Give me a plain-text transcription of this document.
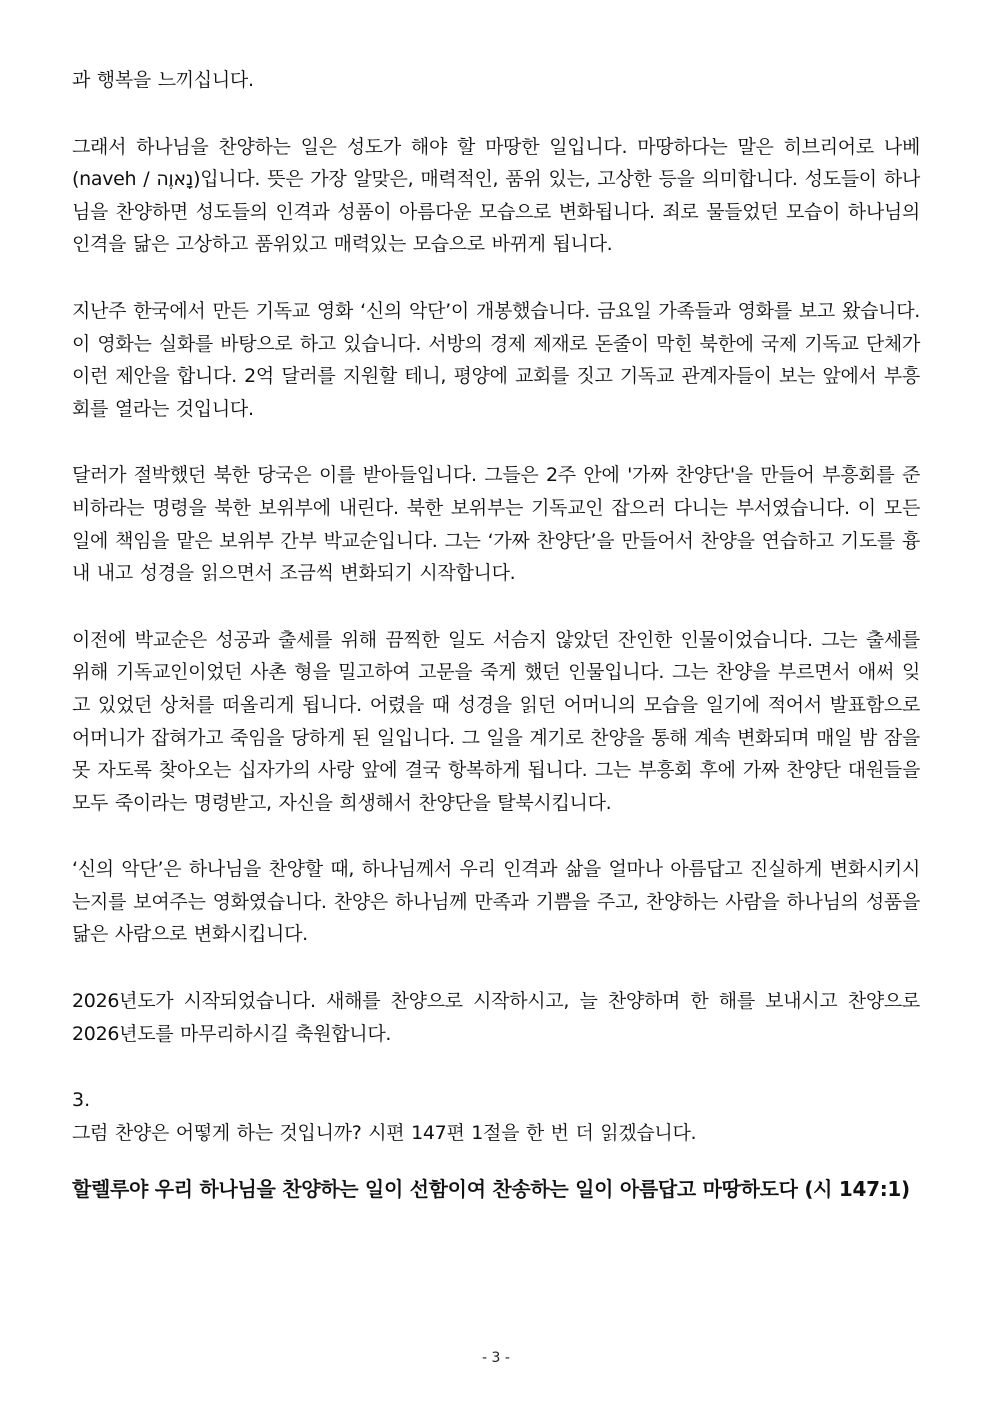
과 행복을 느끼십니다.

그래서 하나님을 찬양하는 일은 성도가 해야 할 마땅한 일입니다. 마땅하다는 말은 히브리어로 나베(naveh / נָאוֶה)입니다. 뜻은 가장 알맞은, 매력적인, 품위 있는, 고상한 등을 의미합니다. 성도들이 하나님을 찬양하면 성도들의 인격과 성품이 아름다운 모습으로 변화됩니다. 죄로 물들었던 모습이 하나님의 인격을 닮은 고상하고 품위있고 매력있는 모습으로 바뀌게 됩니다.

지난주 한국에서 만든 기독교 영화 ‘신의 악단’이 개봉했습니다. 금요일 가족들과 영화를 보고 왔습니다. 이 영화는 실화를 바탕으로 하고 있습니다. 서방의 경제 제재로 돈줄이 막힌 북한에 국제 기독교 단체가 이런 제안을 합니다. 2억 달러를 지원할 테니, 평양에 교회를 짓고 기독교 관계자들이 보는 앞에서 부흥회를 열라는 것입니다.

달러가 절박했던 북한 당국은 이를 받아들입니다. 그들은 2주 안에 '가짜 찬양단'을 만들어 부흥회를 준비하라는 명령을 북한 보위부에 내린다. 북한 보위부는 기독교인 잡으러 다니는 부서였습니다. 이 모든 일에 책임을 맡은 보위부 간부 박교순입니다. 그는 ‘가짜 찬양단’을 만들어서 찬양을 연습하고 기도를 흉내 내고 성경을 읽으면서 조금씩 변화되기 시작합니다.

이전에 박교순은 성공과 출세를 위해 끔찍한 일도 서슴지 않았던 잔인한 인물이었습니다. 그는 출세를 위해 기독교인이었던 사촌 형을 밀고하여 고문을 죽게 했던 인물입니다. 그는 찬양을 부르면서 애써 잊고 있었던 상처를 떠올리게 됩니다. 어렸을 때 성경을 읽던 어머니의 모습을 일기에 적어서 발표함으로 어머니가 잡혀가고 죽임을 당하게 된 일입니다. 그 일을 계기로 찬양을 통해 계속 변화되며 매일 밤 잠을 못 자도록 찾아오는 십자가의 사랑 앞에 결국 항복하게 됩니다. 그는 부흥회 후에 가짜 찬양단 대원들을 모두 죽이라는 명령받고, 자신을 희생해서 찬양단을 탈북시킵니다.

‘신의 악단’은 하나님을 찬양할 때, 하나님께서 우리 인격과 삶을 얼마나 아름답고 진실하게 변화시키시는지를 보여주는 영화였습니다. 찬양은 하나님께 만족과 기쁨을 주고, 찬양하는 사람을 하나님의 성품을 닮은 사람으로 변화시킵니다.

2026년도가 시작되었습니다. 새해를 찬양으로 시작하시고, 늘 찬양하며 한 해를 보내시고 찬양으로 2026년도를 마무리하시길 축원합니다.

3.

그럼 찬양은 어떻게 하는 것입니까? 시편 147편 1절을 한 번 더 읽겠습니다.

할렐루야 우리 하나님을 찬양하는 일이 선함이여 찬송하는 일이 아름답고 마땅하도다 (시 147:1)

- 3 -
